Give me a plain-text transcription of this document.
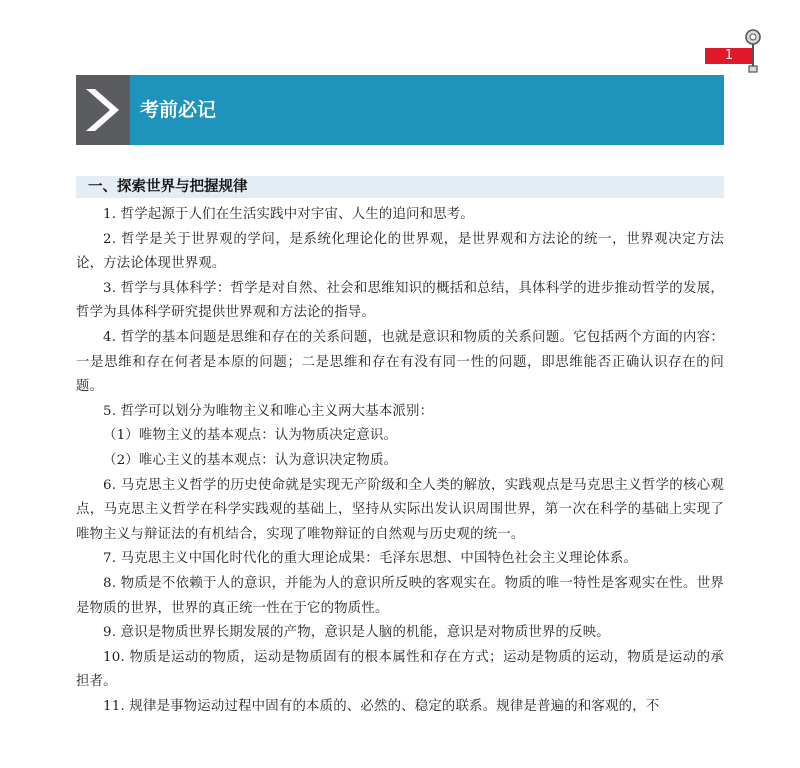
1
考前必记
一、探索世界与把握规律

1. 哲学起源于人们在生活实践中对宇宙、人生的追问和思考。

2. 哲学是关于世界观的学问，是系统化理论化的世界观，是世界观和方法论的统一，世界观决定方法论，方法论体现世界观。

3. 哲学与具体科学：哲学是对自然、社会和思维知识的概括和总结，具体科学的进步推动哲学的发展，哲学为具体科学研究提供世界观和方法论的指导。

4. 哲学的基本问题是思维和存在的关系问题，也就是意识和物质的关系问题。它包括两个方面的内容：一是思维和存在何者是本原的问题；二是思维和存在有没有同一性的问题，即思维能否正确认识存在的问题。

5. 哲学可以划分为唯物主义和唯心主义两大基本派别：

（1）唯物主义的基本观点：认为物质决定意识。

（2）唯心主义的基本观点：认为意识决定物质。

6. 马克思主义哲学的历史使命就是实现无产阶级和全人类的解放，实践观点是马克思主义哲学的核心观点，马克思主义哲学在科学实践观的基础上，坚持从实际出发认识周围世界，第一次在科学的基础上实现了唯物主义与辩证法的有机结合，实现了唯物辩证的自然观与历史观的统一。

7. 马克思主义中国化时代化的重大理论成果：毛泽东思想、中国特色社会主义理论体系。

8. 物质是不依赖于人的意识，并能为人的意识所反映的客观实在。物质的唯一特性是客观实在性。世界是物质的世界，世界的真正统一性在于它的物质性。

9. 意识是物质世界长期发展的产物，意识是人脑的机能，意识是对物质世界的反映。

10. 物质是运动的物质，运动是物质固有的根本属性和存在方式；运动是物质的运动，物质是运动的承担者。

11. 规律是事物运动过程中固有的本质的、必然的、稳定的联系。规律是普遍的和客观的，不
